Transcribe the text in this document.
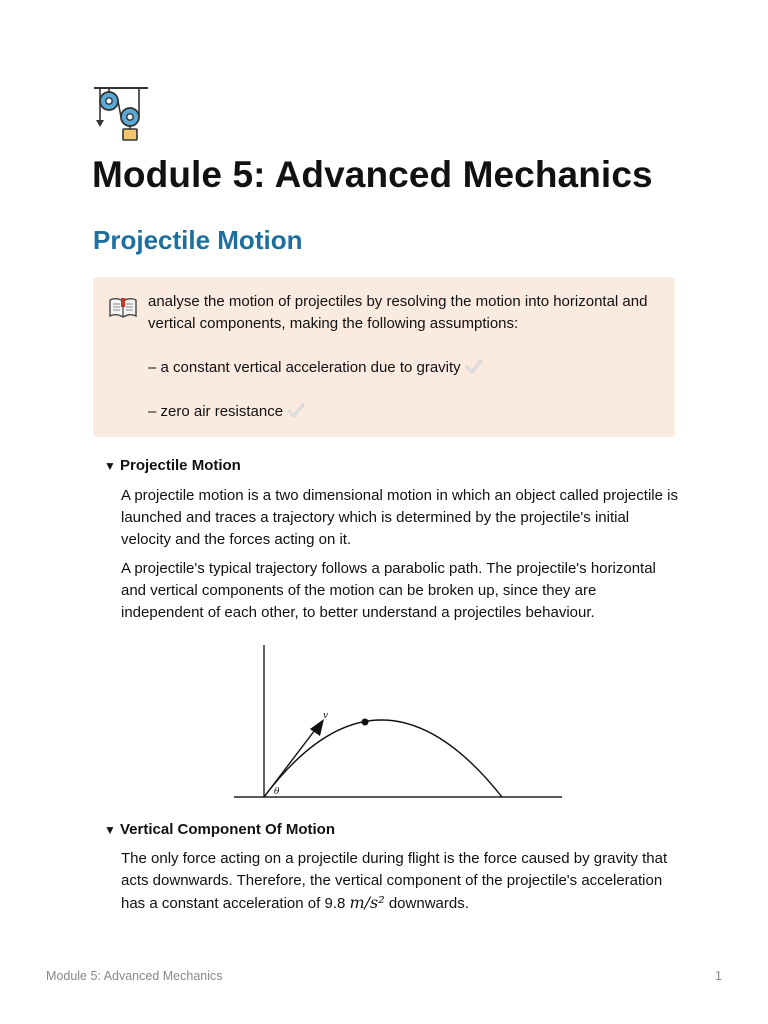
Module 5: Advanced Mechanics
Projectile Motion

analyse the motion of projectiles by resolving the motion into horizontal and vertical components, making the following assumptions:

– a constant vertical acceleration due to gravity

– zero air resistance

▼ Projectile Motion

A projectile motion is a two dimensional motion in which an object called projectile is launched and traces a trajectory which is determined by the projectile's initial velocity and the forces acting on it.

A projectile's typical trajectory follows a parabolic path. The projectile's horizontal and vertical components of the motion can be broken up, since they are independent of each other, to better understand a projectiles behaviour.

v
θ
▼ Vertical Component Of Motion

The only force acting on a projectile during flight is the force caused by gravity that acts downwards. Therefore, the vertical component of the projectile's acceleration has a constant acceleration of 9.8 m/s² downwards.

Module 5: Advanced Mechanics	1
